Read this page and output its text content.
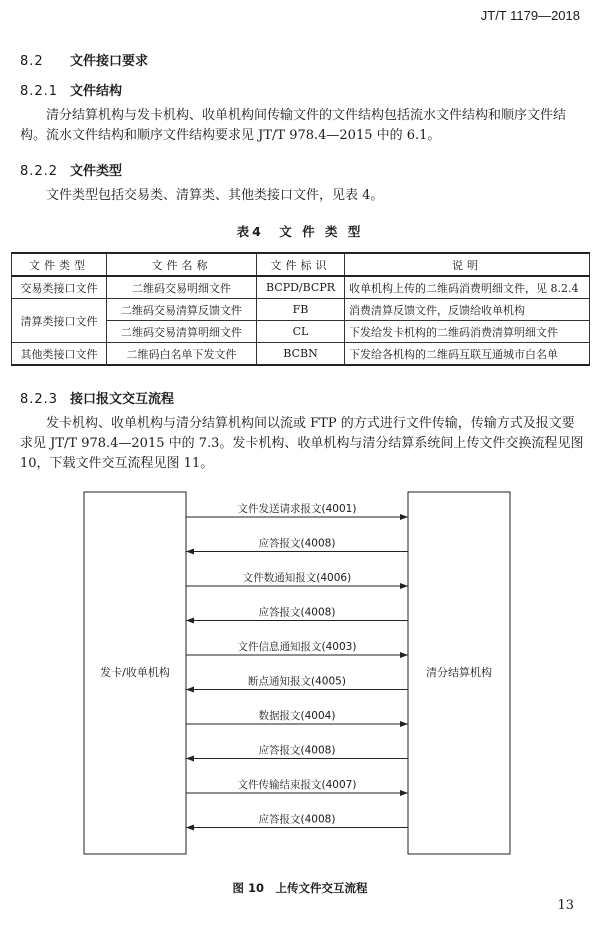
JT/T 1179—2018
8.2 文件接口要求
8.2.1 文件结构
清分结算机构与发卡机构、收单机构间传输文件的文件结构包括流水文件结构和顺序文件结构。流水文件结构和顺序文件结构要求见 JT/T 978.4—2015 中的 6.1。
8.2.2 文件类型
文件类型包括交易类、清算类、其他类接口文件，见表 4。
表4　文 件 类 型
文件类型	文件名称	文件标识	说明
交易类接口文件	二维码交易明细文件	BCPD/BCPR	收单机构上传的二维码消费明细文件，见 8.2.4
清算类接口文件	二维码交易清算反馈文件	FB	消费清算反馈文件，反馈给收单机构
	二维码交易清算明细文件	CL	下发给发卡机构的二维码消费清算明细文件
其他类接口文件	二维码白名单下发文件	BCBN	下发给各机构的二维码互联互通城市白名单
8.2.3 接口报文交互流程
发卡机构、收单机构与清分结算机构间以流或 FTP 的方式进行文件传输，传输方式及报文要求见 JT/T 978.4—2015 中的 7.3。发卡机构、收单机构与清分结算系统间上传文件交换流程见图 10，下载文件交互流程见图 11。
发卡/收单机构	清分结算机构
文件发送请求报文(4001)
应答报文(4008)
文件数通知报文(4006)
应答报文(4008)
文件信息通知报文(4003)
断点通知报文(4005)
数据报文(4004)
应答报文(4008)
文件传输结束报文(4007)
应答报文(4008)
图 10　上传文件交互流程
13
